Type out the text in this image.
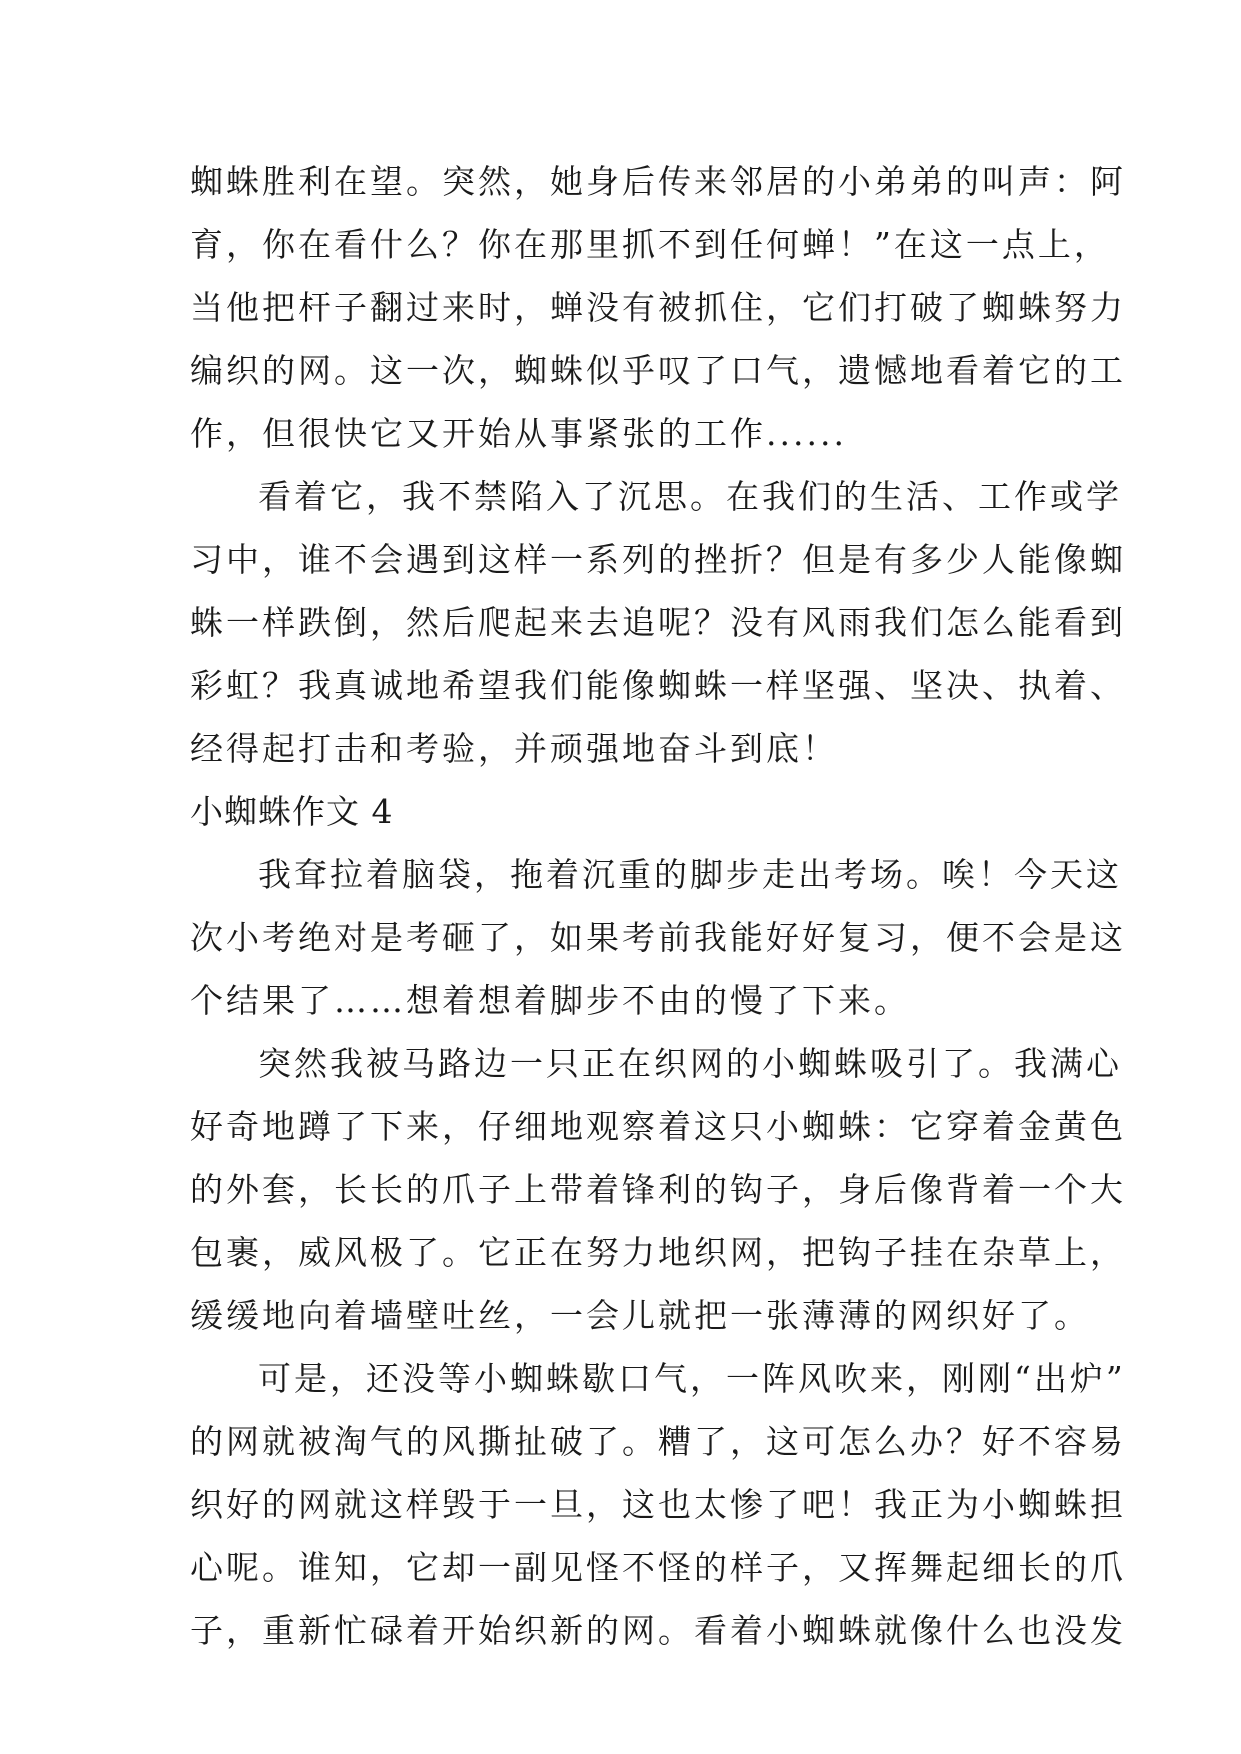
蜘蛛胜利在望。突然，她身后传来邻居的小弟弟的叫声：阿
育，你在看什么？你在那里抓不到任何蝉！”在这一点上，
当他把杆子翻过来时，蝉没有被抓住，它们打破了蜘蛛努力
编织的网。这一次，蜘蛛似乎叹了口气，遗憾地看着它的工
作，但很快它又开始从事紧张的工作......
看着它，我不禁陷入了沉思。在我们的生活、工作或学
习中，谁不会遇到这样一系列的挫折？但是有多少人能像蜘
蛛一样跌倒，然后爬起来去追呢？没有风雨我们怎么能看到
彩虹？我真诚地希望我们能像蜘蛛一样坚强、坚决、执着、
经得起打击和考验，并顽强地奋斗到底！
小蜘蛛作文 4
我耷拉着脑袋，拖着沉重的脚步走出考场。唉！今天这
次小考绝对是考砸了，如果考前我能好好复习，便不会是这
个结果了……想着想着脚步不由的慢了下来。
突然我被马路边一只正在织网的小蜘蛛吸引了。我满心
好奇地蹲了下来，仔细地观察着这只小蜘蛛：它穿着金黄色
的外套，长长的爪子上带着锋利的钩子，身后像背着一个大
包裹，威风极了。它正在努力地织网，把钩子挂在杂草上，
缓缓地向着墙壁吐丝，一会儿就把一张薄薄的网织好了。
可是，还没等小蜘蛛歇口气，一阵风吹来，刚刚“出炉”
的网就被淘气的风撕扯破了。糟了，这可怎么办？好不容易
织好的网就这样毁于一旦，这也太惨了吧！我正为小蜘蛛担
心呢。谁知，它却一副见怪不怪的样子，又挥舞起细长的爪
子，重新忙碌着开始织新的网。看着小蜘蛛就像什么也没发
